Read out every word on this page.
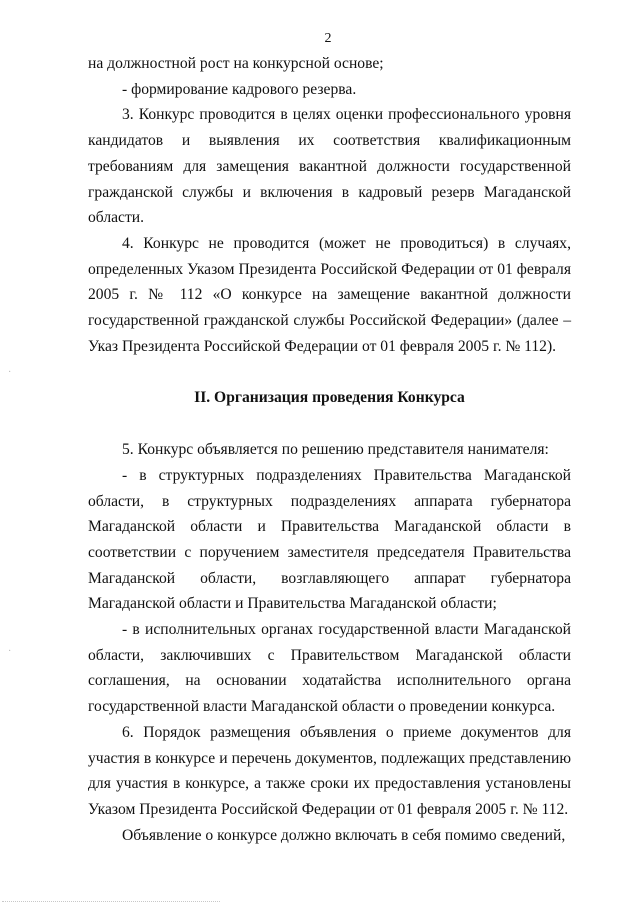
2
·
·

на должностной рост на конкурсной основе;

- формирование кадрового резерва.

3. Конкурс проводится в целях оценки профессионального уровня кандидатов и выявления их соответствия квалификационным требованиям для замещения вакантной должности государственной гражданской службы и включения в кадровый резерв Магаданской области.

4. Конкурс не проводится (может не проводиться) в случаях, определенных Указом Президента Российской Федерации от 01 февраля 2005 г. № 112 «О конкурсе на замещение вакантной должности государственной гражданской службы Российской Федерации» (далее – Указ Президента Российской Федерации от 01 февраля 2005 г. № 112).

II. Организация проведения Конкурса

5. Конкурс объявляется по решению представителя нанимателя:

- в структурных подразделениях Правительства Магаданской области, в структурных подразделениях аппарата губернатора Магаданской области и Правительства Магаданской области в соответствии с поручением заместителя председателя Правительства Магаданской области, возглавляющего аппарат губернатора Магаданской области и Правительства Магаданской области;

- в исполнительных органах государственной власти Магаданской области, заключивших с Правительством Магаданской области соглашения, на основании ходатайства исполнительного органа государственной власти Магаданской области о проведении конкурса.

6. Порядок размещения объявления о приеме документов для участия в конкурсе и перечень документов, подлежащих представлению для участия в конкурсе, а также сроки их предоставления установлены Указом Президента Российской Федерации от 01 февраля 2005 г. № 112.

Объявление о конкурсе должно включать в себя помимо сведений,
